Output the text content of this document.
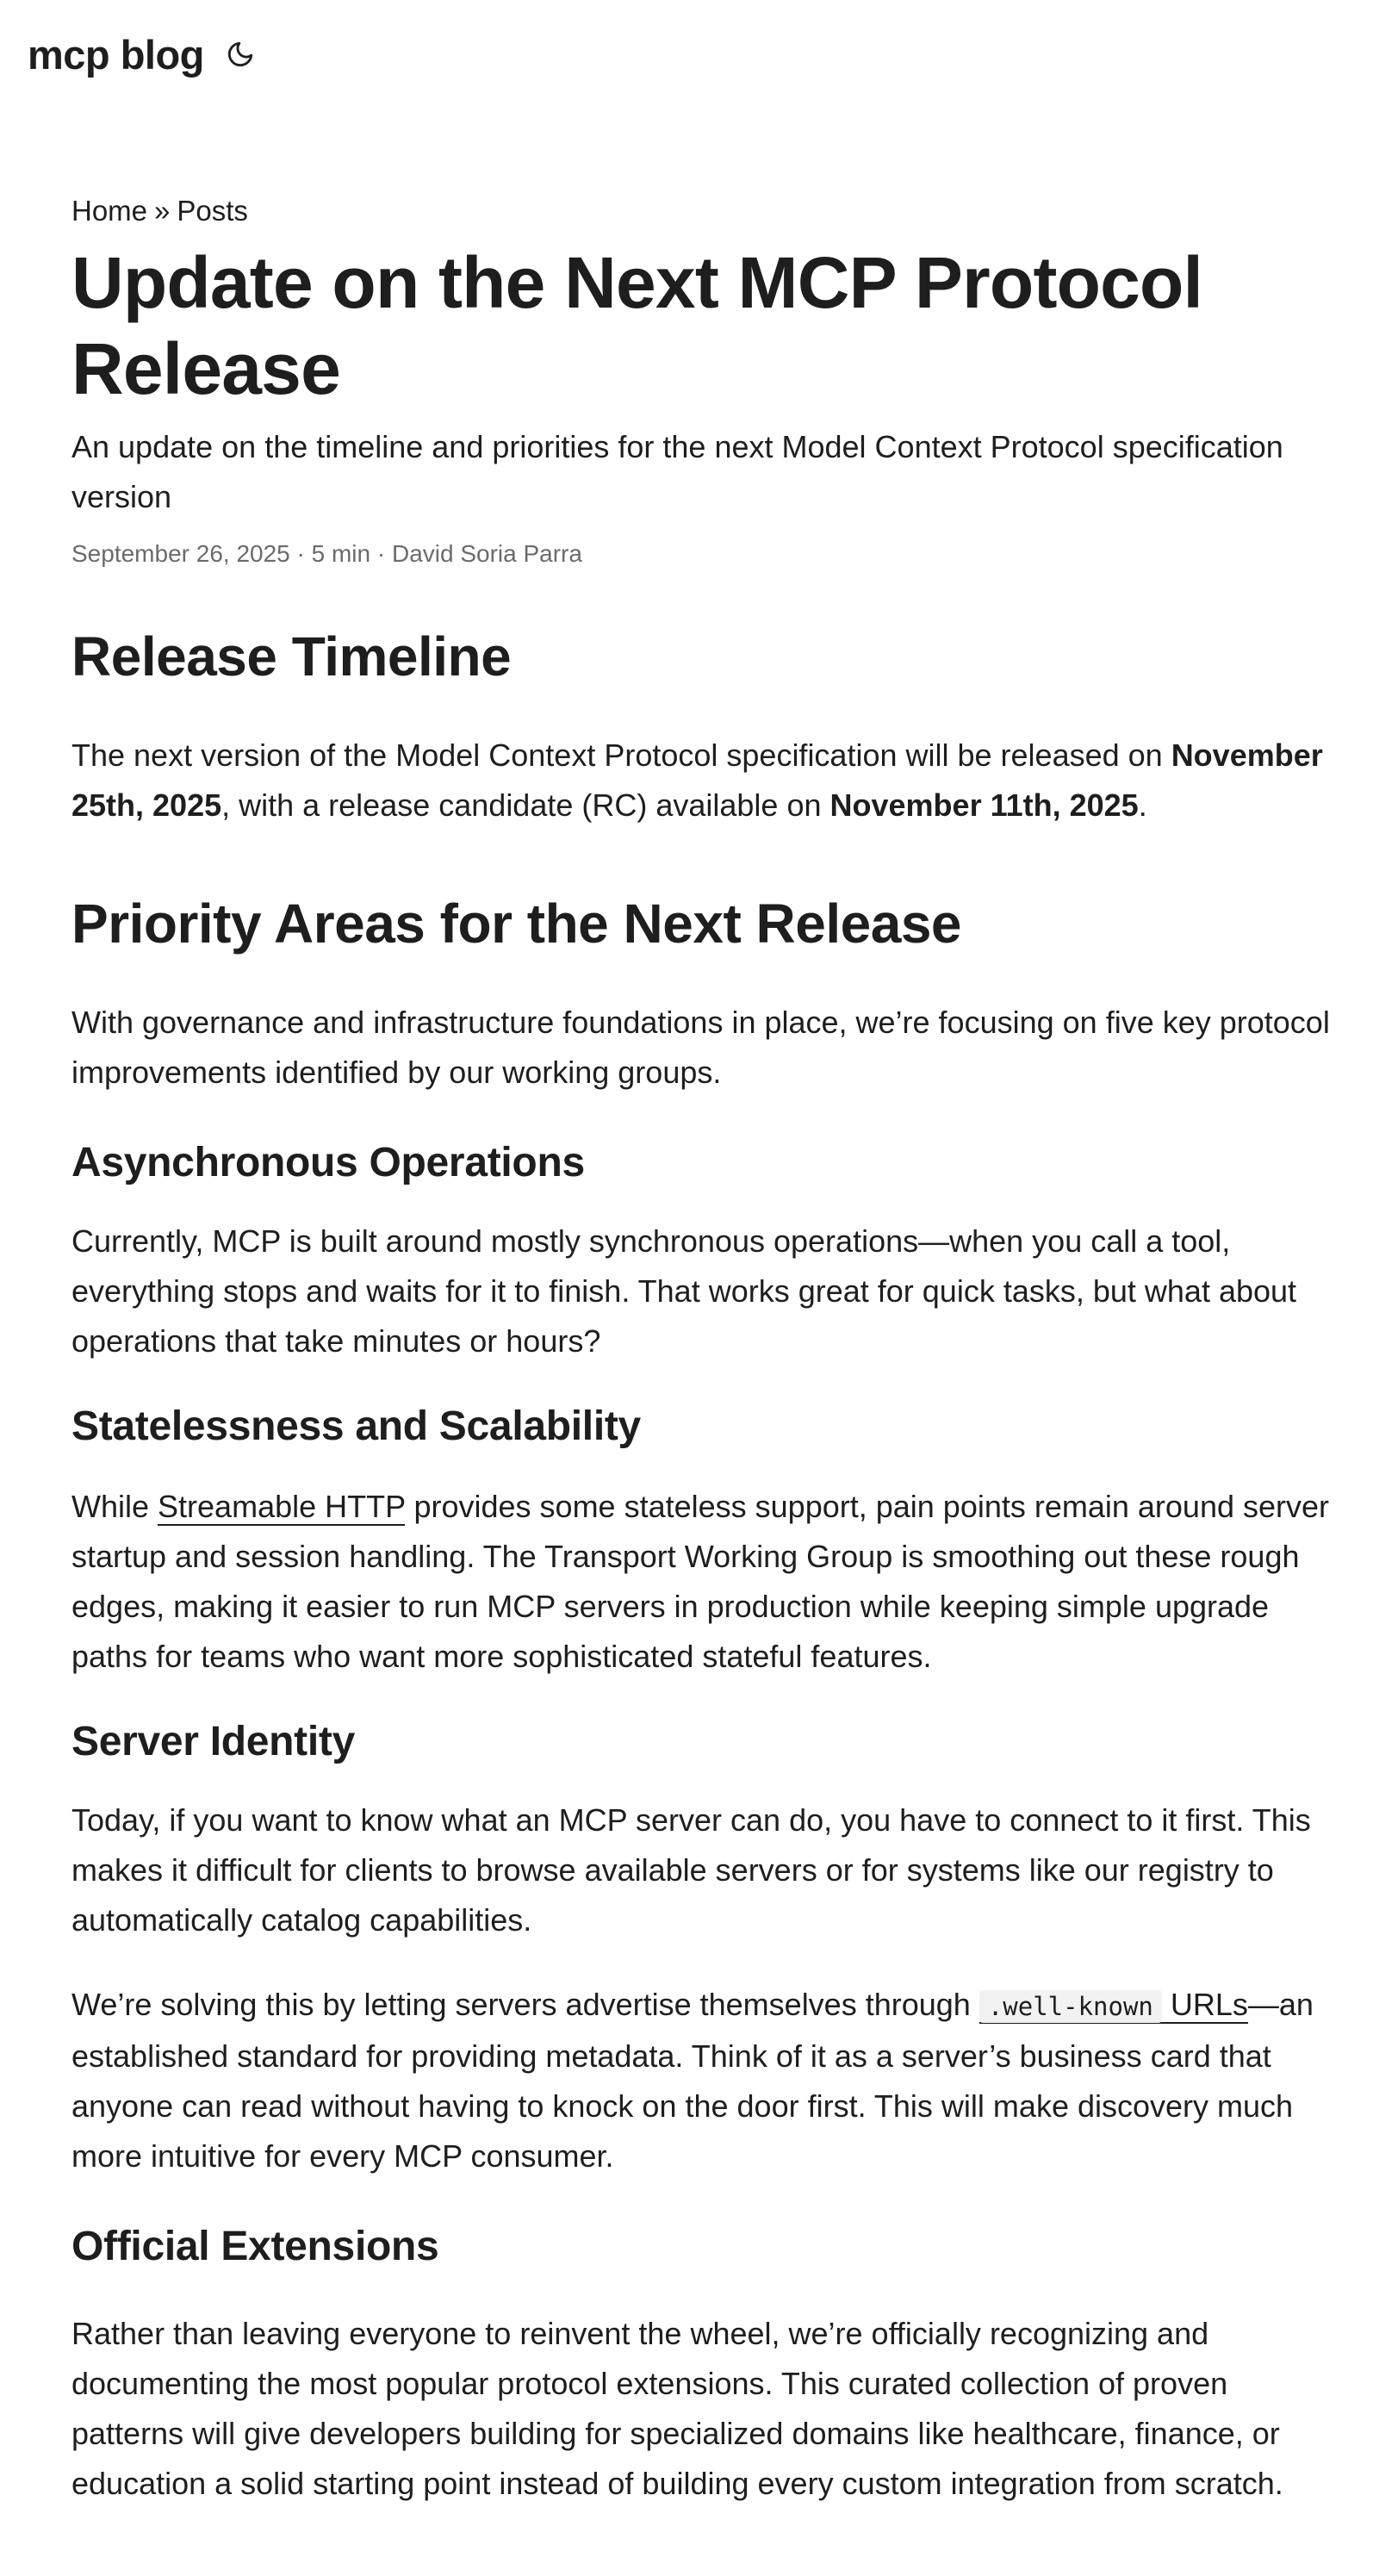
mcp blog
Home » Posts
Update on the Next MCP Protocol Release
An update on the timeline and priorities for the next Model Context Protocol specification version
September 26, 2025 · 5 min · David Soria Parra
Release Timeline

The next version of the Model Context Protocol specification will be released on November 25th, 2025, with a release candidate (RC) available on November 11th, 2025.

Priority Areas for the Next Release

With governance and infrastructure foundations in place, we’re focusing on five key protocol improvements identified by our working groups.

Asynchronous Operations

Currently, MCP is built around mostly synchronous operations—when you call a tool, everything stops and waits for it to finish. That works great for quick tasks, but what about operations that take minutes or hours?

Statelessness and Scalability

While Streamable HTTP provides some stateless support, pain points remain around server startup and session handling. The Transport Working Group is smoothing out these rough edges, making it easier to run MCP servers in production while keeping simple upgrade paths for teams who want more sophisticated stateful features.

Server Identity

Today, if you want to know what an MCP server can do, you have to connect to it first. This makes it difficult for clients to browse available servers or for systems like our registry to automatically catalog capabilities.

We’re solving this by letting servers advertise themselves through .well-known URLs—an established standard for providing metadata. Think of it as a server’s business card that anyone can read without having to knock on the door first. This will make discovery much more intuitive for every MCP consumer.

Official Extensions

Rather than leaving everyone to reinvent the wheel, we’re officially recognizing and documenting the most popular protocol extensions. This curated collection of proven patterns will give developers building for specialized domains like healthcare, finance, or education a solid starting point instead of building every custom integration from scratch.
